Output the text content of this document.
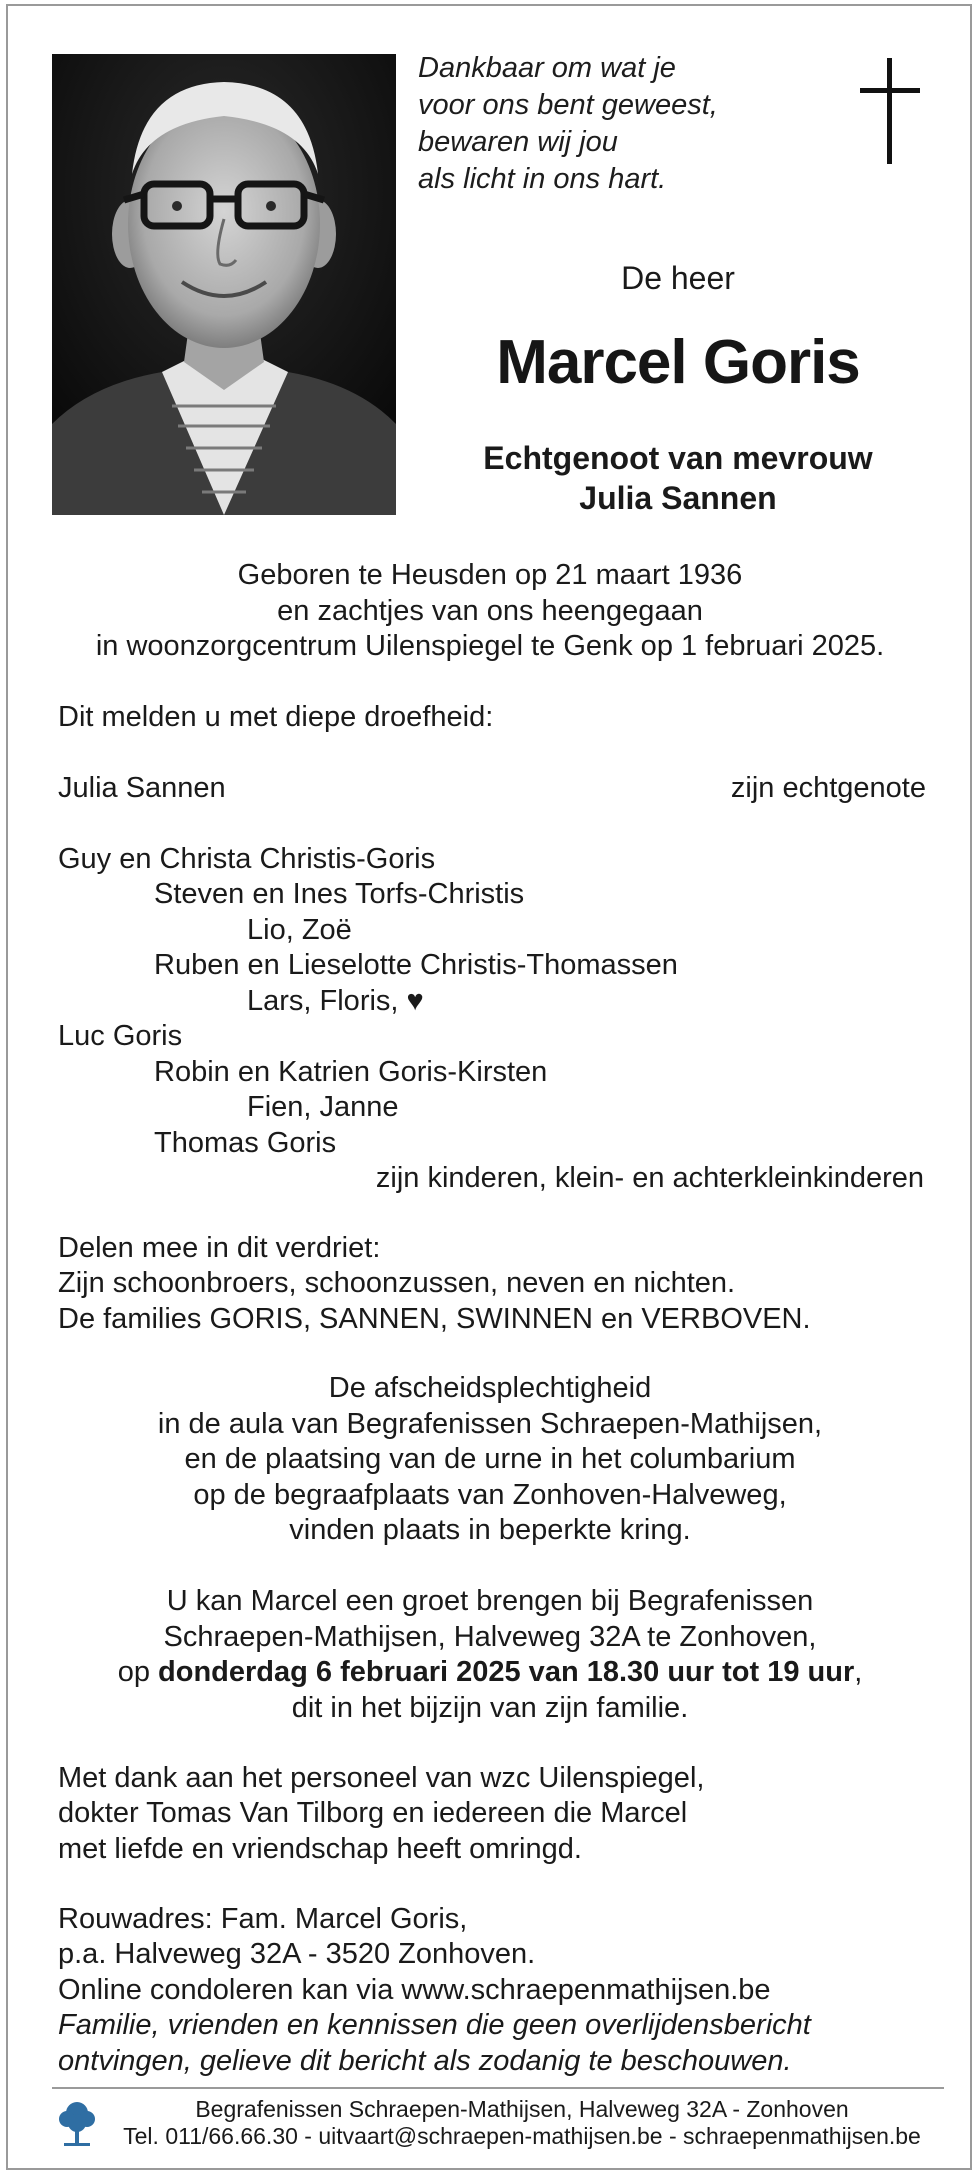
Dankbaar om wat je
voor ons bent geweest,
bewaren wij jou
als licht in ons hart.
De heer
Marcel Goris
Echtgenoot van mevrouw
Julia Sannen
Geboren te Heusden op 21 maart 1936
en zachtjes van ons heengegaan
in woonzorgcentrum Uilenspiegel te Genk op 1 februari 2025.
Dit melden u met diepe droefheid:
Julia Sannen	zijn echtgenote
Guy en Christa Christis-Goris
Steven en Ines Torfs-Christis
Lio, Zoë
Ruben en Lieselotte Christis-Thomassen
Lars, Floris, ♥
Luc Goris
Robin en Katrien Goris-Kirsten
Fien, Janne
Thomas Goris
zijn kinderen, klein- en achterkleinkinderen
Delen mee in dit verdriet:
Zijn schoonbroers, schoonzussen, neven en nichten.
De families GORIS, SANNEN, SWINNEN en VERBOVEN.
De afscheidsplechtigheid
in de aula van Begrafenissen Schraepen-Mathijsen,
en de plaatsing van de urne in het columbarium
op de begraafplaats van Zonhoven-Halveweg,
vinden plaats in beperkte kring.
U kan Marcel een groet brengen bij Begrafenissen
Schraepen-Mathijsen, Halveweg 32A te Zonhoven,
op donderdag 6 februari 2025 van 18.30 uur tot 19 uur,
dit in het bijzijn van zijn familie.
Met dank aan het personeel van wzc Uilenspiegel,
dokter Tomas Van Tilborg en iedereen die Marcel
met liefde en vriendschap heeft omringd.
Rouwadres: Fam. Marcel Goris,
p.a. Halveweg 32A - 3520 Zonhoven.
Online condoleren kan via www.schraepenmathijsen.be
Familie, vrienden en kennissen die geen overlijdensbericht
ontvingen, gelieve dit bericht als zodanig te beschouwen.
Begrafenissen Schraepen-Mathijsen, Halveweg 32A - Zonhoven
Tel. 011/66.66.30 - uitvaart@schraepen-mathijsen.be - schraepenmathijsen.be
